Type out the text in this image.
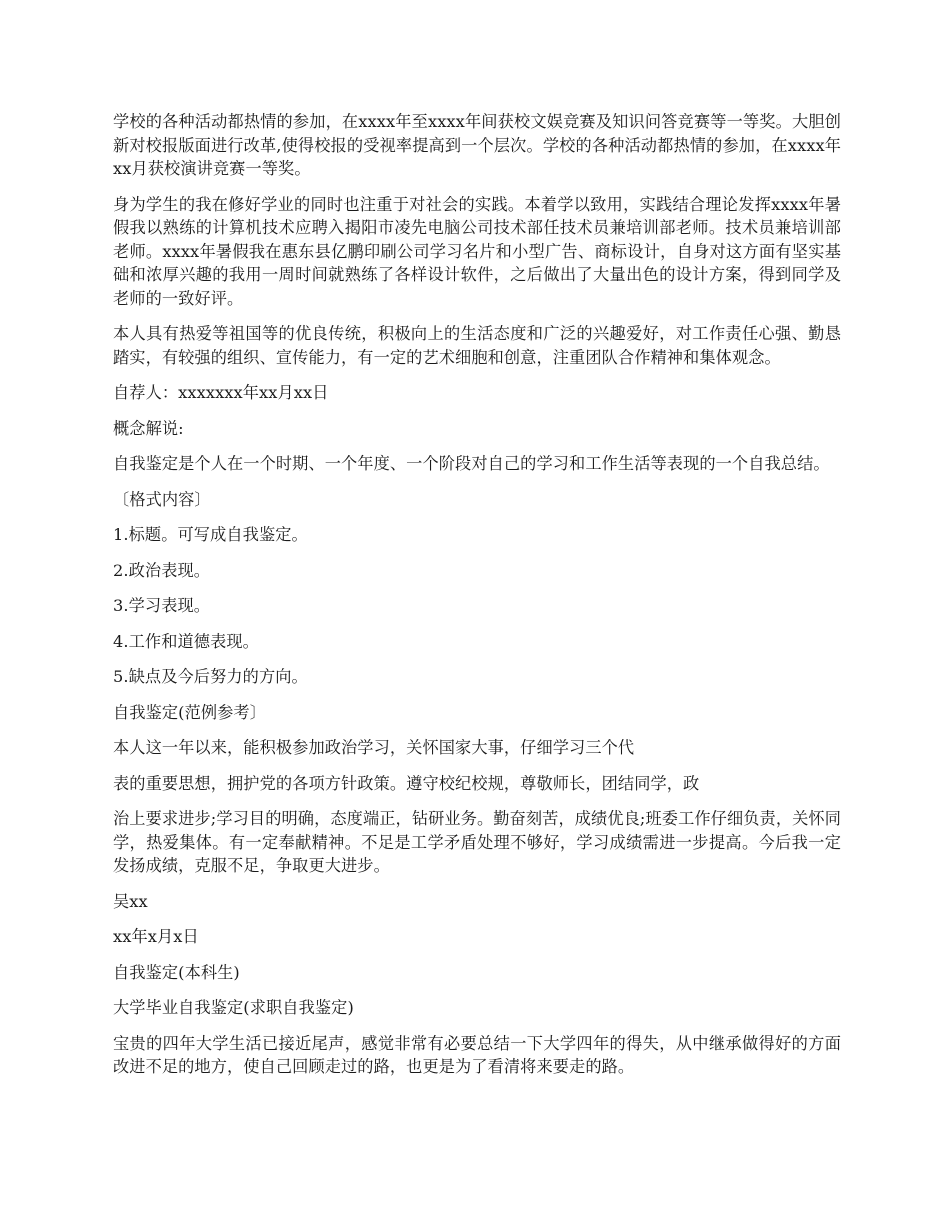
学校的各种活动都热情的参加，在xxxx年至xxxx年间获校文娱竞赛及知识问答竞赛等一等奖。大胆创新对校报版面进行改革,使得校报的受视率提高到一个层次。学校的各种活动都热情的参加，在xxxx年xx月获校演讲竞赛一等奖。

身为学生的我在修好学业的同时也注重于对社会的实践。本着学以致用，实践结合理论发挥xxxx年暑假我以熟练的计算机技术应聘入揭阳市凌先电脑公司技术部任技术员兼培训部老师。技术员兼培训部老师。xxxx年暑假我在惠东县亿鹏印刷公司学习名片和小型广告、商标设计，自身对这方面有坚实基础和浓厚兴趣的我用一周时间就熟练了各样设计软件，之后做出了大量出色的设计方案，得到同学及老师的一致好评。

本人具有热爱等祖国等的优良传统，积极向上的生活态度和广泛的兴趣爱好，对工作责任心强、勤恳踏实，有较强的组织、宣传能力，有一定的艺术细胞和创意，注重团队合作精神和集体观念。

自荐人：xxxxxxx年xx月xx日

概念解说:

自我鉴定是个人在一个时期、一个年度、一个阶段对自己的学习和工作生活等表现的一个自我总结。

〔格式内容〕

1.标题。可写成自我鉴定。

2.政治表现。

3.学习表现。

4.工作和道德表现。

5.缺点及今后努力的方向。

自我鉴定(范例参考〕

本人这一年以来，能积极参加政治学习，关怀国家大事，仔细学习三个代

表的重要思想，拥护党的各项方针政策。遵守校纪校规，尊敬师长，团结同学，政

治上要求进步;学习目的明确，态度端正，钻研业务。勤奋刻苦，成绩优良;班委工作仔细负责，关怀同学，热爱集体。有一定奉献精神。不足是工学矛盾处理不够好，学习成绩需进一步提高。今后我一定发扬成绩，克服不足，争取更大进步。

吴xx

xx年x月x日

自我鉴定(本科生)

大学毕业自我鉴定(求职自我鉴定)

宝贵的四年大学生活已接近尾声，感觉非常有必要总结一下大学四年的得失，从中继承做得好的方面改进不足的地方，使自己回顾走过的路，也更是为了看清将来要走的路。
